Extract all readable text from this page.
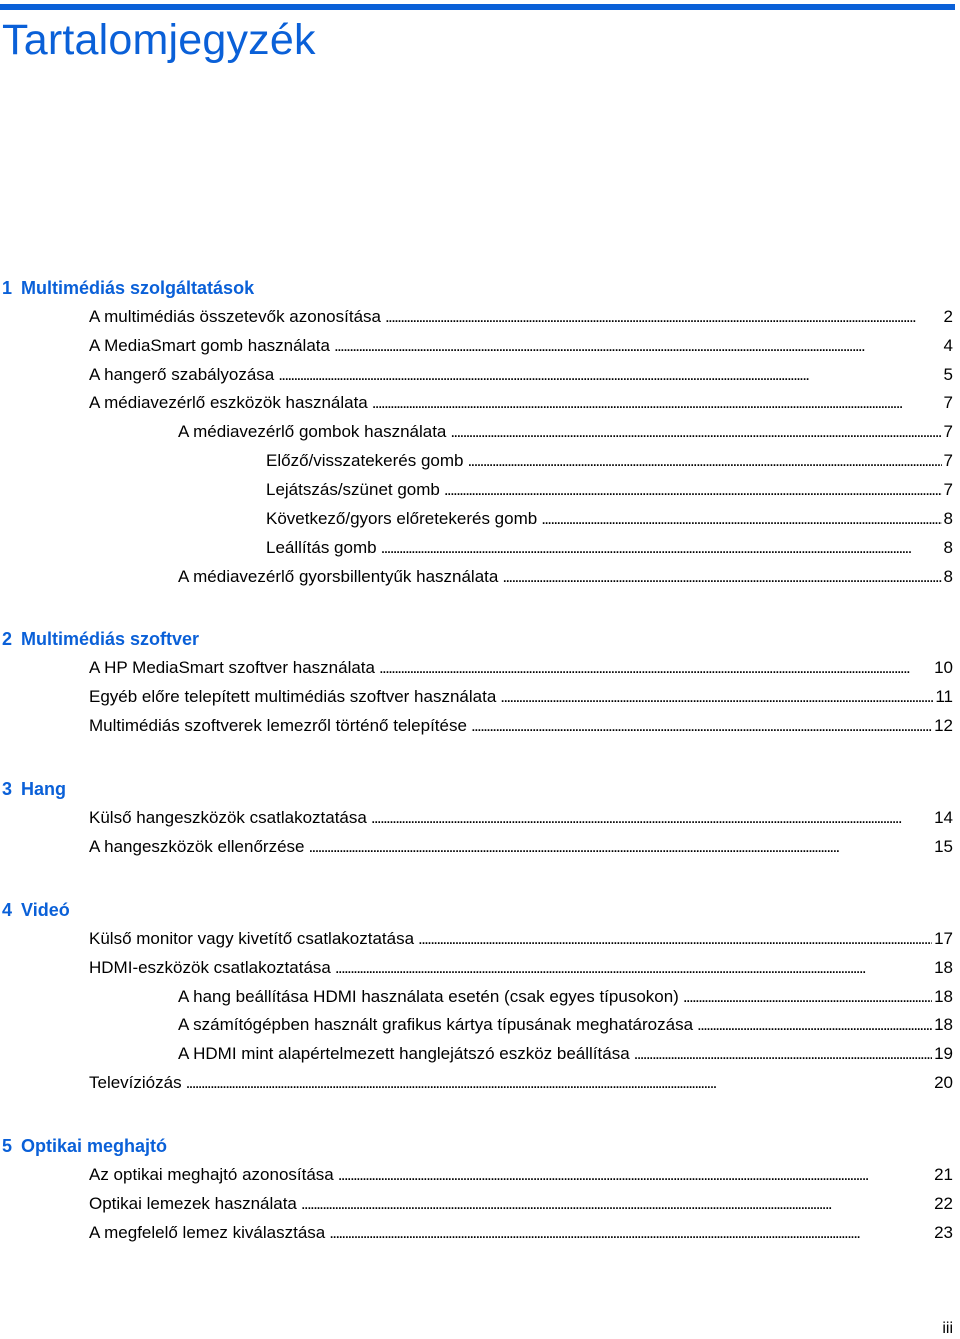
Tartalomjegyzék
1 Multimédiás szolgáltatások
A multimédiás összetevők azonosítása . . .	2
A MediaSmart gomb használata . . .	4
A hangerő szabályozása . . .	5
A médiavezérlő eszközök használata . . .	7
A médiavezérlő gombok használata . . .	7
Előző/visszatekerés gomb . . .	7
Lejátszás/szünet gomb . . .	7
Következő/gyors előretekerés gomb . . .	8
Leállítás gomb . . .	8
A médiavezérlő gyorsbillentyűk használata . . .	8
2 Multimédiás szoftver
A HP MediaSmart szoftver használata . . .	10
Egyéb előre telepített multimédiás szoftver használata . . .	11
Multimédiás szoftverek lemezről történő telepítése . . .	12
3 Hang
Külső hangeszközök csatlakoztatása . . .	14
A hangeszközök ellenőrzése . . .	15
4 Videó
Külső monitor vagy kivetítő csatlakoztatása . . .	17
HDMI-eszközök csatlakoztatása . . .	18
A hang beállítása HDMI használata esetén (csak egyes típusokon) . . .	18
A számítógépben használt grafikus kártya típusának meghatározása . . .	18
A HDMI mint alapértelmezett hanglejátszó eszköz beállítása . . .	19
Televíziózás . . .	20
5 Optikai meghajtó
Az optikai meghajtó azonosítása . . .	21
Optikai lemezek használata . . .	22
A megfelelő lemez kiválasztása . . .	23
iii
